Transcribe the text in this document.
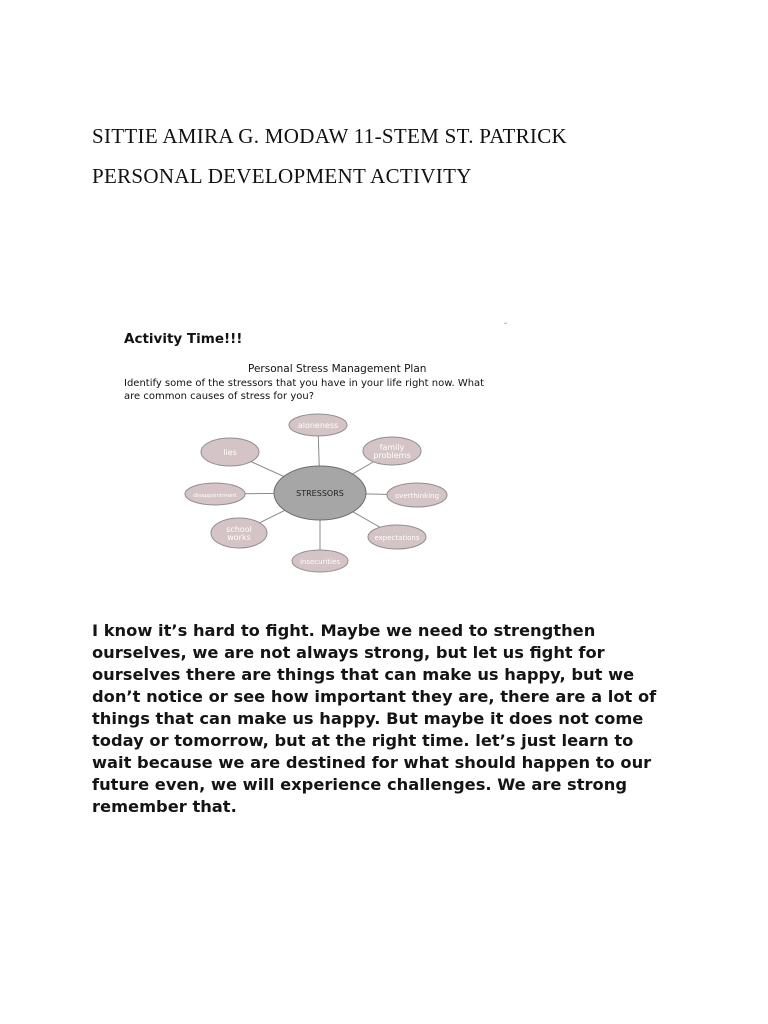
SITTIE AMIRA G. MODAW 11-STEM ST. PATRICK
PERSONAL DEVELOPMENT ACTIVITY
Activity Time!!!
“
Personal Stress Management Plan
Identify some of the stressors that you have in your life right now. What
are common causes of stress for you?
STRESSORS
aloneness
family
problems
overthinking
expectations
insecurities
school
works
disappointment
lies
I know it’s hard to fight. Maybe we need to strengthen
ourselves, we are not always strong, but let us fight for
ourselves there are things that can make us happy, but we
don’t notice or see how important they are, there are a lot of
things that can make us happy. But maybe it does not come
today or tomorrow, but at the right time. let’s just learn to
wait because we are destined for what should happen to our
future even, we will experience challenges. We are strong
remember that.
